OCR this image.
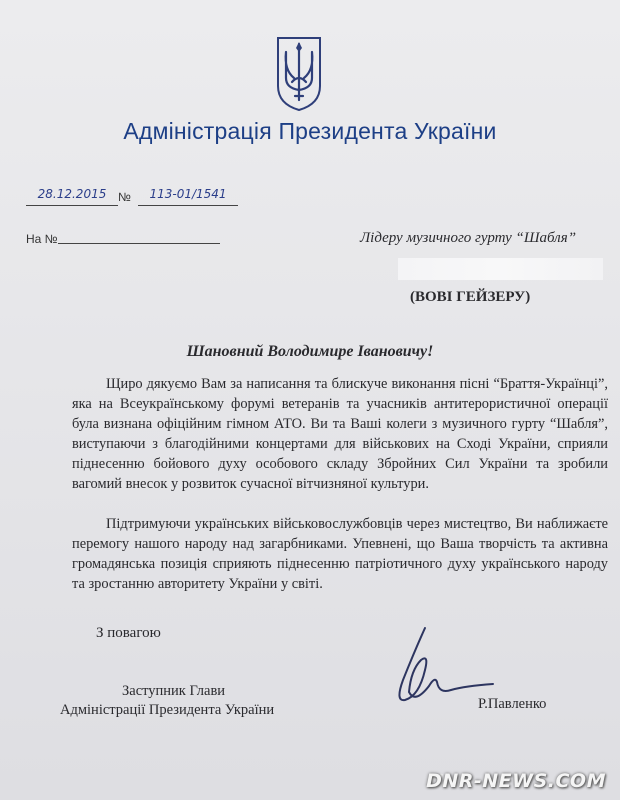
Адміністрація Президента України
28.12.2015 №	113-01/1541
На №	Лідеру музичного гурту “Шабля”
(ВОВІ ГЕЙЗЕРУ)
Шановний Володимире Івановичу!

Щиро дякуємо Вам за написання та блискуче виконання пісні “Браття-Українці”, яка на Всеукраїнському форумі ветеранів та учасників антитерористичної операції була визнана офіційним гімном АТО. Ви та Ваші колеги з музичного гурту “Шабля”, виступаючи з благодійними концертами для військових на Сході України, сприяли піднесенню бойового духу особового складу Збройних Сил України та зробили вагомий внесок у розвиток сучасної вітчизняної культури.

Підтримуючи українських військовослужбовців через мистецтво, Ви наближаєте перемогу нашого народу над загарбниками. Упевнені, що Ваша творчість та активна громадянська позиція сприяють піднесенню патріотичного духу українського народу та зростанню авторитету України у світі.

З повагою
Заступник Глави
Адміністрації Президента України	Р.Павленко
DNR-NEWS.COM
